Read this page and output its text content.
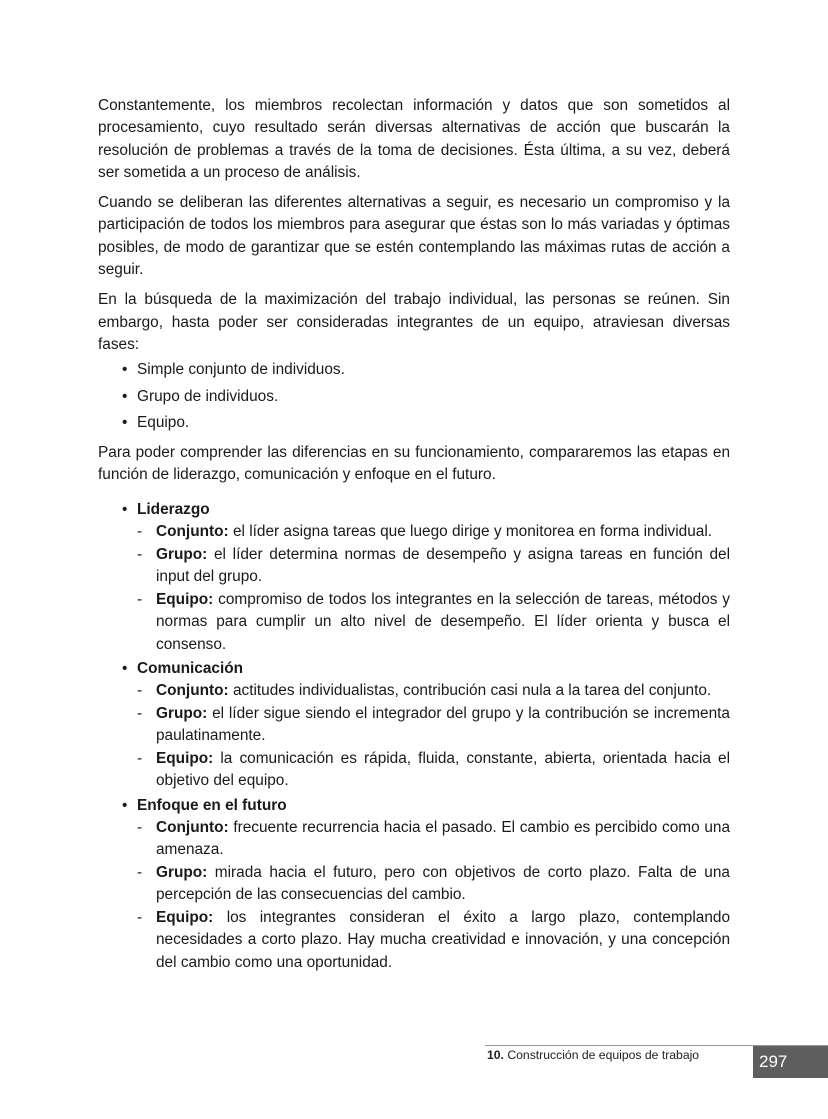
Constantemente, los miembros recolectan información y datos que son sometidos al procesamiento, cuyo resultado serán diversas alternativas de acción que buscarán la resolución de problemas a través de la toma de decisiones. Ésta última, a su vez, deberá ser sometida a un proceso de análisis.

Cuando se deliberan las diferentes alternativas a seguir, es necesario un compromiso y la participación de todos los miembros para asegurar que éstas son lo más variadas y óptimas posibles, de modo de garantizar que se estén contemplando las máximas rutas de acción a seguir.

En la búsqueda de la maximización del trabajo individual, las personas se reúnen. Sin embargo, hasta poder ser consideradas integrantes de un equipo, atraviesan diversas fases:

• Simple conjunto de individuos.
• Grupo de individuos.
• Equipo.

Para poder comprender las diferencias en su funcionamiento, compararemos las etapas en función de liderazgo, comunicación y enfoque en el futuro.

• Liderazgo
- Conjunto: el líder asigna tareas que luego dirige y monitorea en forma individual.
- Grupo: el líder determina normas de desempeño y asigna tareas en función del input del grupo.
- Equipo: compromiso de todos los integrantes en la selección de tareas, métodos y normas para cumplir un alto nivel de desempeño. El líder orienta y busca el consenso.
• Comunicación
- Conjunto: actitudes individualistas, contribución casi nula a la tarea del conjunto.
- Grupo: el líder sigue siendo el integrador del grupo y la contribución se incrementa paulatinamente.
- Equipo: la comunicación es rápida, fluida, constante, abierta, orientada hacia el objetivo del equipo.
• Enfoque en el futuro
- Conjunto: frecuente recurrencia hacia el pasado. El cambio es percibido como una amenaza.
- Grupo: mirada hacia el futuro, pero con objetivos de corto plazo. Falta de una percepción de las consecuencias del cambio.
- Equipo: los integrantes consideran el éxito a largo plazo, contemplando necesidades a corto plazo. Hay mucha creatividad e innovación, y una concepción del cambio como una oportunidad.
10. Construcción de equipos de trabajo	297
